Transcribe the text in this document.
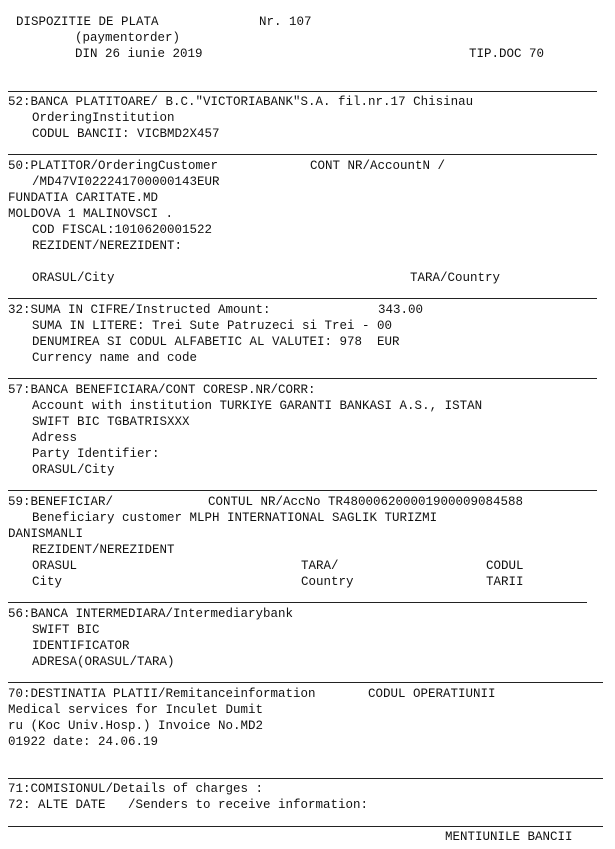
DISPOZITIE DE PLATA	Nr. 107
(paymentorder)
DIN 26 iunie 2019	TIP.DOC 70
52:BANCA PLATITOARE/ B.C."VICTORIABANK"S.A. fil.nr.17 Chisinau
OrderingInstitution
CODUL BANCII: VICBMD2X457
50:PLATITOR/OrderingCustomer	CONT NR/AccountN /
/MD47VI022241700000143EUR
FUNDATIA CARITATE.MD
MOLDOVA 1 MALINOVSCI .
COD FISCAL:1010620001522
REZIDENT/NEREZIDENT:
ORASUL/City	TARA/Country
32:SUMA IN CIFRE/Instructed Amount:	343.00
SUMA IN LITERE: Trei Sute Patruzeci si Trei - 00
DENUMIREA SI CODUL ALFABETIC AL VALUTEI: 978  EUR
Currency name and code
57:BANCA BENEFICIARA/CONT CORESP.NR/CORR:
Account with institution TURKIYE GARANTI BANKASI A.S., ISTAN
SWIFT BIC TGBATRISXXX
Adress
Party Identifier:
ORASUL/City
59:BENEFICIAR/	CONTUL NR/AccNo TR480006200001900009084588
Beneficiary customer MLPH INTERNATIONAL SAGLIK TURIZMI
DANISMANLI
REZIDENT/NEREZIDENT
ORASUL	TARA/	CODUL
City	Country	TARII
56:BANCA INTERMEDIARA/Intermediarybank
SWIFT BIC
IDENTIFICATOR
ADRESA(ORASUL/TARA)
70:DESTINATIA PLATII/Remitanceinformation	CODUL OPERATIUNII
Medical services for Inculet Dumit
ru (Koc Univ.Hosp.) Invoice No.MD2
01922 date: 24.06.19
71:COMISIONUL/Details of charges :
72: ALTE DATE   /Senders to receive information:
MENTIUNILE BANCII
